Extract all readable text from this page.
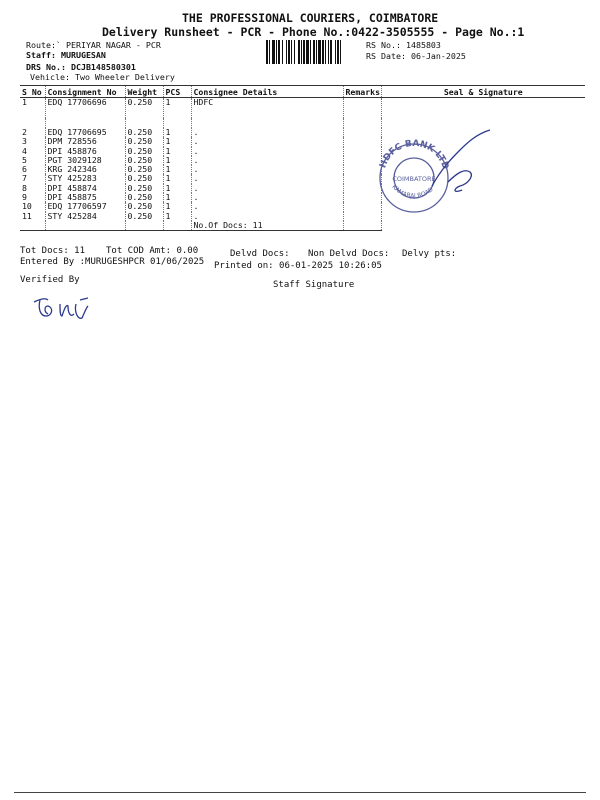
THE PROFESSIONAL COURIERS, COIMBATORE
Delivery Runsheet - PCR - Phone No.:0422-3505555 - Page No.:1
Route:` PERIYAR NAGAR - PCR
Staff: MURUGESAN
DRS No.: DCJB148580301
Vehicle: Two Wheeler Delivery
RS No.: 1485803
RS Date: 06-Jan-2025
S No	Consignment No	Weight	PCS	Consignee Details	Remarks	Seal & Signature
1	EDQ 17706696	0.250	1	HDFC		

2	EDQ 17706695	0.250	1	.		
3	DPM 728556	0.250	1	.		
4	DPI 458876	0.250	1	.		
5	PGT 3029128	0.250	1	.		
6	KRG 242346	0.250	1	.		
7	STY 425283	0.250	1	.		
8	DPI 458874	0.250	1	.		
9	DPI 458875	0.250	1	.		
10	EDQ 17706597	0.250	1	.		
11	STY 425284	0.250	1	.		
				No.Of Docs: 11		
HDFC BANK LTD
COIMBATORE
KAMARAJ ROAD
Tot Docs: 11 Tot COD Amt: 0.00	Delvd Docs: Non Delvd Docs: Delvy pts:
Entered By :MURUGESHPCR 01/06/2025 Printed on: 06-01-2025 10:26:05
Verified By	Staff Signature
